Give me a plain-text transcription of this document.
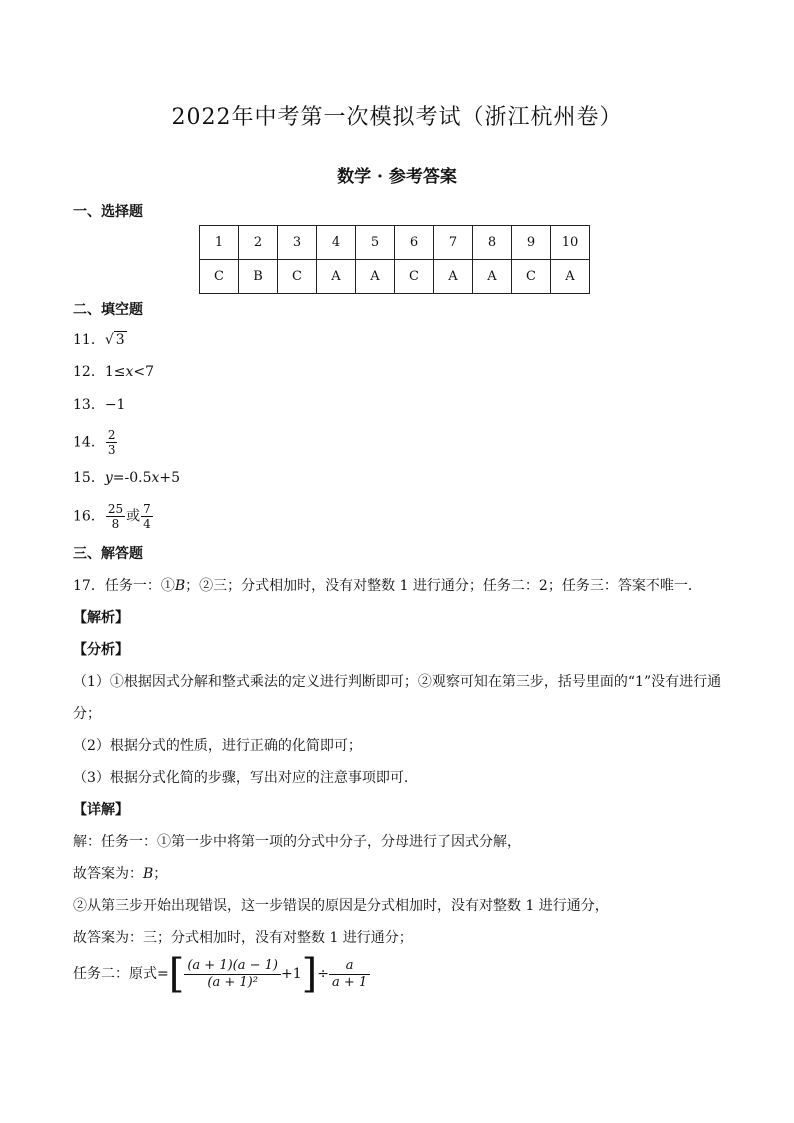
2022年中考第一次模拟考试（浙江杭州卷）
数学 · 参考答案
一、选择题
1	2	3	4	5	6	7	8	9	10
C	B	C	A	A	C	A	A	C	A
二、填空题
11．√ 3
12．1≤x<7
13．−1
14． $\frac{2}{3}$
15．y=-0.5x+5
16． $\frac{25}{8}$ 或 $\frac{7}{4}$
三、解答题
17．任务一：①B；②三；分式相加时，没有对整数 1 进行通分；任务二：2；任务三：答案不唯一．
【解析】
【分析】
（1）①根据因式分解和整式乘法的定义进行判断即可；②观察可知在第三步，括号里面的“1”没有进行通
分；
（2）根据分式的性质，进行正确的化简即可；
（3）根据分式化简的步骤，写出对应的注意事项即可.
【详解】
解：任务一：①第一步中将第一项的分式中分子，分母进行了因式分解，
故答案为：B；
②从第三步开始出现错误，这一步错误的原因是分式相加时，没有对整数 1 进行通分，
故答案为：三；分式相加时，没有对整数 1 进行通分；
任务二：原式=[ $\frac{(a + 1)(a - 1)}{\text{(a + 1)²}} +1]\div \frac{a}{a + 1}$
